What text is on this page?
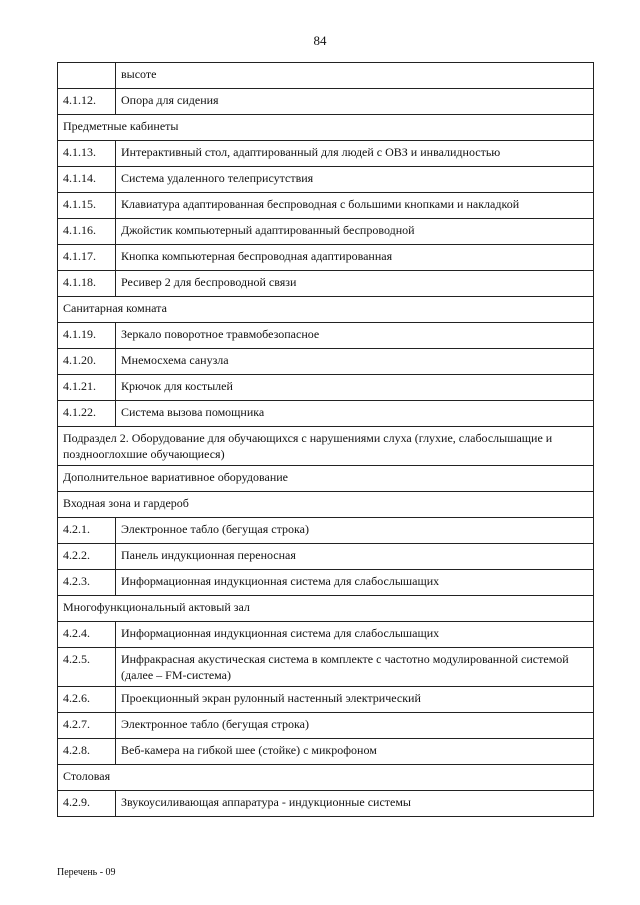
84
	высоте
4.1.12.	Опора для сидения
Предметные кабинеты	
4.1.13.	Интерактивный стол, адаптированный для людей с ОВЗ и инвалидностью
4.1.14.	Система удаленного телеприсутствия
4.1.15.	Клавиатура адаптированная беспроводная с большими кнопками и накладкой
4.1.16.	Джойстик компьютерный адаптированный беспроводной
4.1.17.	Кнопка компьютерная беспроводная адаптированная
4.1.18.	Ресивер 2 для беспроводной связи
Санитарная комната	
4.1.19.	Зеркало поворотное травмобезопасное
4.1.20.	Мнемосхема санузла
4.1.21.	Крючок для костылей
4.1.22.	Система вызова помощника
Подраздел 2. Оборудование для обучающихся с нарушениями слуха (глухие, слабослышащие и позднооглохшие обучающиеся)	
Дополнительное вариативное оборудование	
Входная зона и гардероб	
4.2.1.	Электронное табло (бегущая строка)
4.2.2.	Панель индукционная переносная
4.2.3.	Информационная индукционная система для слабослышащих
Многофункциональный актовый зал	
4.2.4.	Информационная индукционная система для слабослышащих
4.2.5.	Инфракрасная акустическая система в комплекте с частотно модулированной системой (далее – FM-система)
4.2.6.	Проекционный экран рулонный настенный электрический
4.2.7.	Электронное табло (бегущая строка)
4.2.8.	Веб-камера на гибкой шее (стойке) с микрофоном
Столовая	
4.2.9.	Звукоусиливающая аппаратура - индукционные системы
Перечень - 09
